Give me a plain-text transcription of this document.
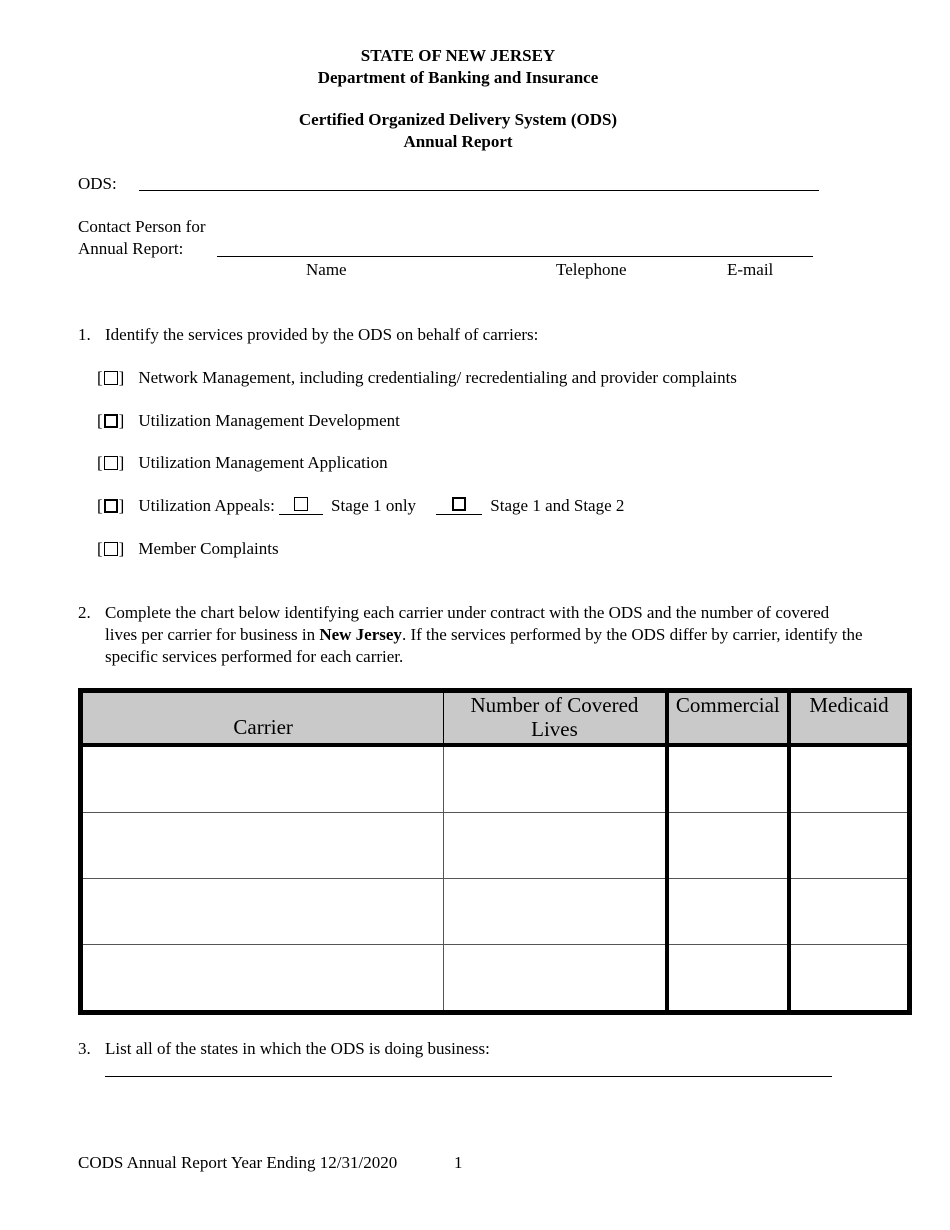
STATE OF NEW JERSEY
Department of Banking and Insurance
Certified Organized Delivery System (ODS)
Annual Report
ODS:
Contact Person for
Annual Report:
Name	Telephone	E-mail
1. Identify the services provided by the ODS on behalf of carriers:
[ ] Network Management, including credentialing/ recredentialing and provider complaints
[ ] Utilization Management Development
[ ] Utilization Management Application
[ ] Utilization Appeals:	Stage 1 only	Stage 1 and Stage 2
[ ] Member Complaints
2. Complete the chart below identifying each carrier under contract with the ODS and the number of covered lives per carrier for business in New Jersey. If the services performed by the ODS differ by carrier, identify the specific services performed for each carrier.
Carrier	Number of Covered Lives	Commercial	Medicaid

3. List all of the states in which the ODS is doing business:
CODS Annual Report Year Ending 12/31/2020	1
